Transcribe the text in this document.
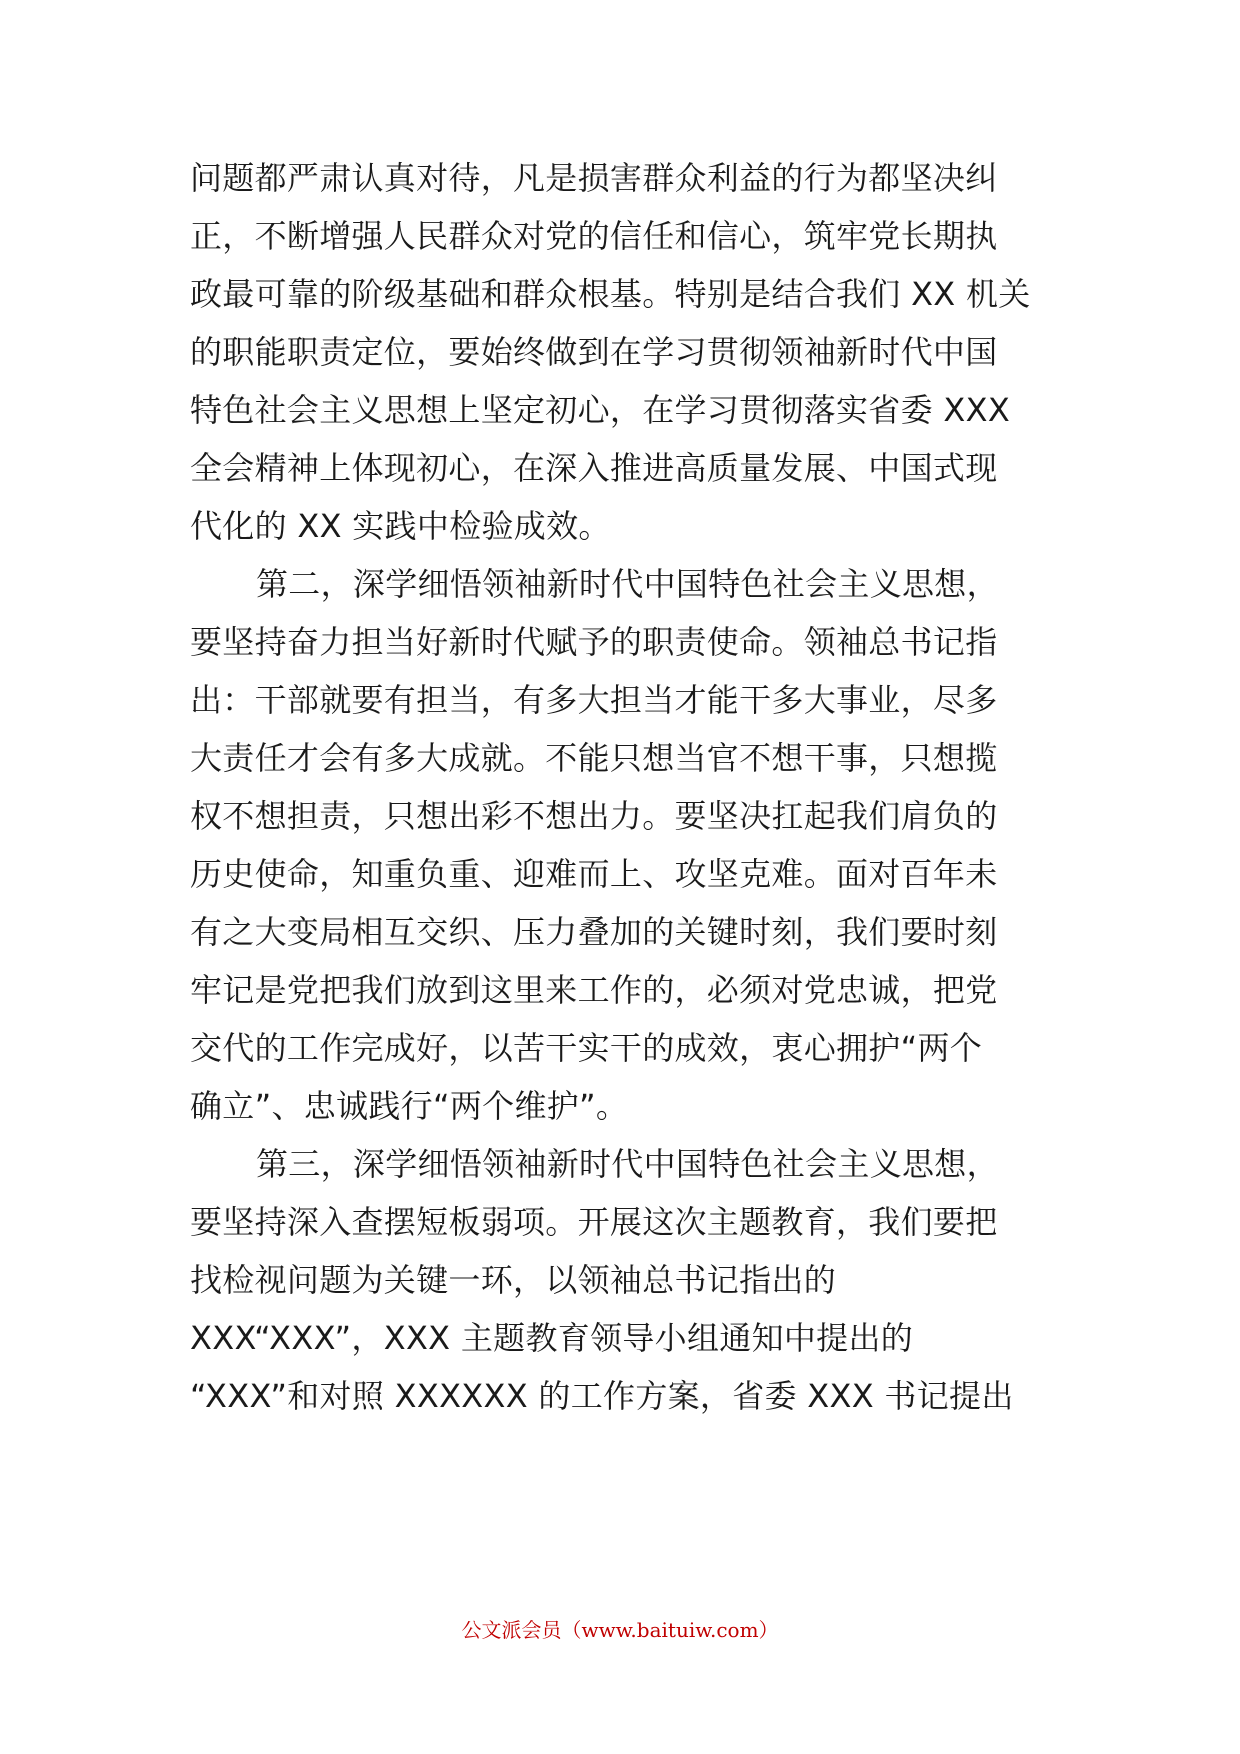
问题都严肃认真对待，凡是损害群众利益的行为都坚决纠
正，不断增强人民群众对党的信任和信心，筑牢党长期执
政最可靠的阶级基础和群众根基。特别是结合我们 XX 机关
的职能职责定位，要始终做到在学习贯彻领袖新时代中国
特色社会主义思想上坚定初心，在学习贯彻落实省委 XXX
全会精神上体现初心，在深入推进高质量发展、中国式现
代化的 XX 实践中检验成效。
第二，深学细悟领袖新时代中国特色社会主义思想，
要坚持奋力担当好新时代赋予的职责使命。领袖总书记指
出：干部就要有担当，有多大担当才能干多大事业，尽多
大责任才会有多大成就。不能只想当官不想干事，只想揽
权不想担责，只想出彩不想出力。要坚决扛起我们肩负的
历史使命，知重负重、迎难而上、攻坚克难。面对百年未
有之大变局相互交织、压力叠加的关键时刻，我们要时刻
牢记是党把我们放到这里来工作的，必须对党忠诚，把党
交代的工作完成好，以苦干实干的成效，衷心拥护“两个
确立”、忠诚践行“两个维护”。
第三，深学细悟领袖新时代中国特色社会主义思想，
要坚持深入查摆短板弱项。开展这次主题教育，我们要把
找检视问题为关键一环，以领袖总书记指出的
XXX“XXX”，XXX 主题教育领导小组通知中提出的
“XXX”和对照 XXXXXX 的工作方案，省委 XXX 书记提出
公文派会员（www.baituiw.com）
